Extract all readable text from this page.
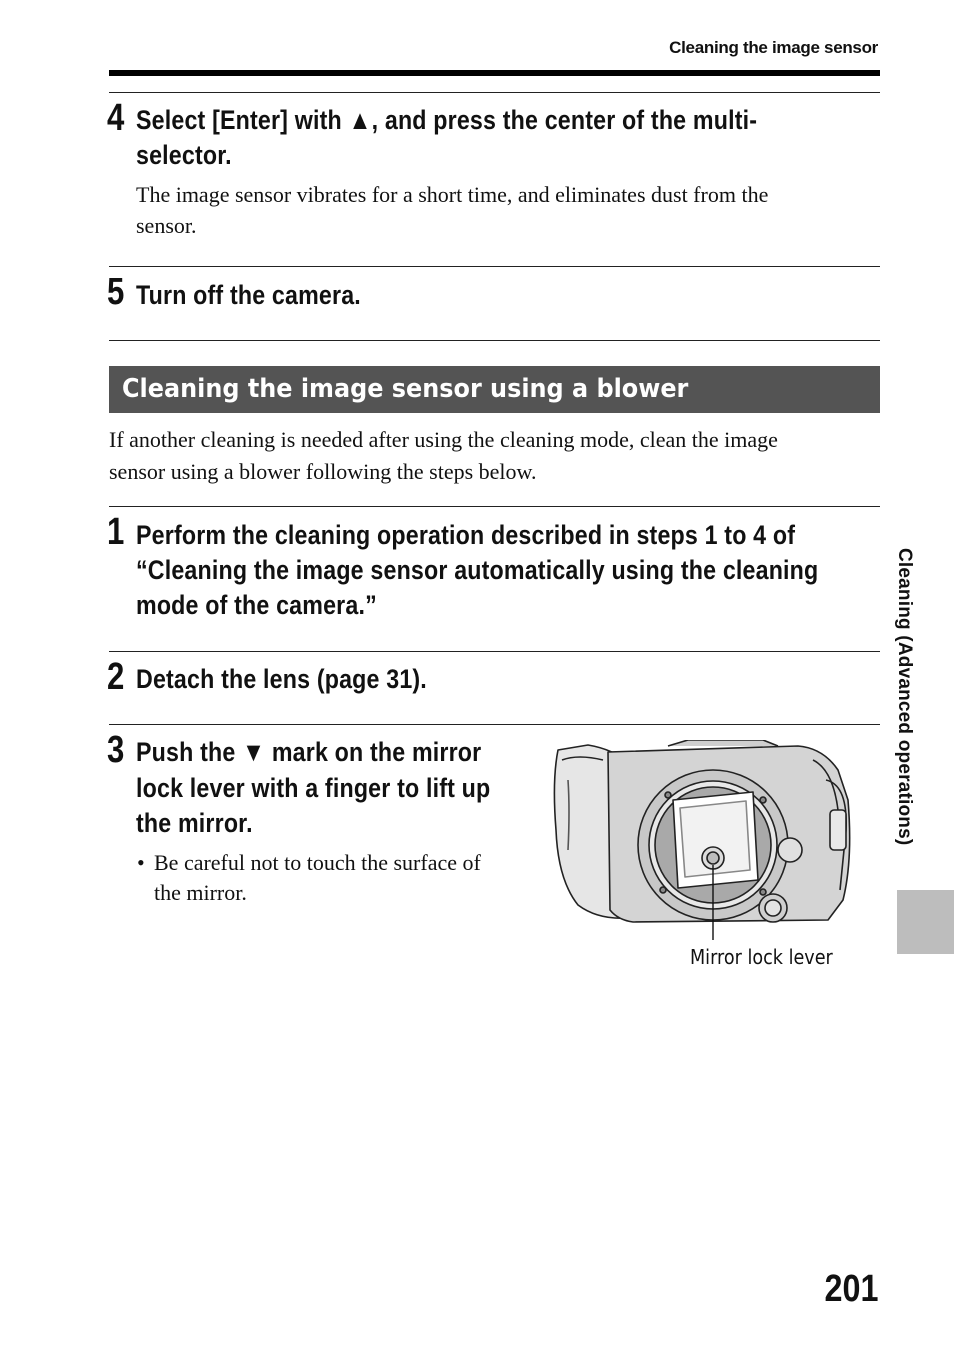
Cleaning the image sensor
4 Select [Enter] with ▲, and press the center of the multi-
selector.
The image sensor vibrates for a short time, and eliminates dust from the
sensor.
5 Turn off the camera.
Cleaning the image sensor using a blower
If another cleaning is needed after using the cleaning mode, clean the image
sensor using a blower following the steps below.
1 Perform the cleaning operation described in steps 1 to 4 of
“Cleaning the image sensor automatically using the cleaning
mode of the camera.”
2 Detach the lens (page 31).
3 Push the ▼ mark on the mirror
lock lever with a finger to lift up
the mirror.
• Be careful not to touch the surface of
the mirror.
Mirror lock lever
Cleaning (Advanced operations)
201
